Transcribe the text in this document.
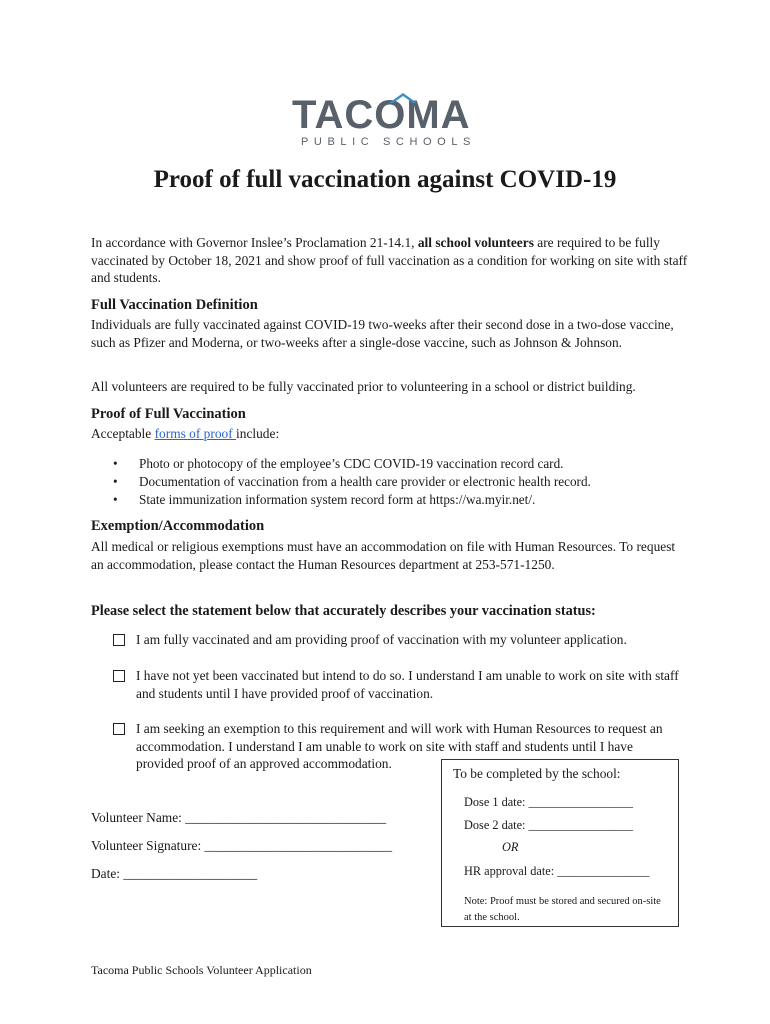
TACOMA
PUBLIC SCHOOLS
Proof of full vaccination against COVID-19
In accordance with Governor Inslee’s Proclamation 21-14.1, all school volunteers are required to be fully vaccinated by October 18, 2021 and show proof of full vaccination as a condition for working on site with staff and students.
Full Vaccination Definition
Individuals are fully vaccinated against COVID-19 two-weeks after their second dose in a two-dose vaccine, such as Pfizer and Moderna, or two-weeks after a single-dose vaccine, such as Johnson & Johnson.
All volunteers are required to be fully vaccinated prior to volunteering in a school or district building.
Proof of Full Vaccination
Acceptable forms of proof include:
• Photo or photocopy of the employee’s CDC COVID-19 vaccination record card.
• Documentation of vaccination from a health care provider or electronic health record.
• State immunization information system record form at https://wa.myir.net/.
Exemption/Accommodation
All medical or religious exemptions must have an accommodation on file with Human Resources. To request an accommodation, please contact the Human Resources department at 253-571-1250.
Please select the statement below that accurately describes your vaccination status:
I am fully vaccinated and am providing proof of vaccination with my volunteer application.
I have not yet been vaccinated but intend to do so. I understand I am unable to work on site with staff and students until I have provided proof of vaccination.
I am seeking an exemption to this requirement and will work with Human Resources to request an accommodation. I understand I am unable to work on site with staff and students until I have provided proof of an approved accommodation.
Volunteer Name: ______________________________
Volunteer Signature: ____________________________
Date: ____________________
To be completed by the school:
Dose 1 date: _________________
Dose 2 date: _________________
OR
HR approval date: _______________
Note: Proof must be stored and secured on-site at the school.
Tacoma Public Schools Volunteer Application
